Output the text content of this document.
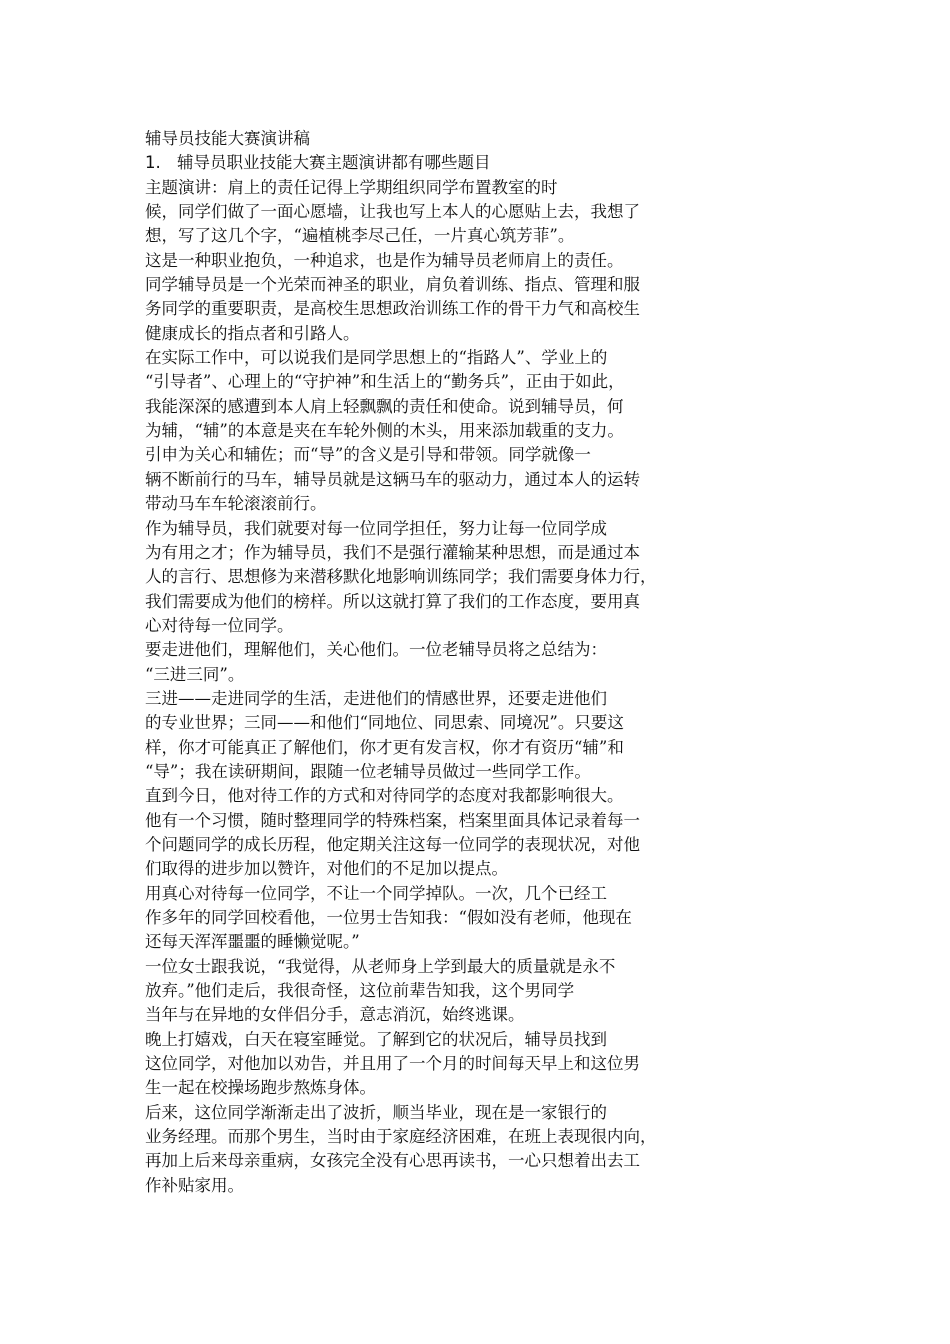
辅导员技能大赛演讲稿
1. 辅导员职业技能大赛主题演讲都有哪些题目
主题演讲：肩上的责任记得上学期组织同学布置教室的时
候，同学们做了一面心愿墙，让我也写上本人的心愿贴上去，我想了
想，写了这几个字，“遍植桃李尽己任，一片真心筑芳菲”。
这是一种职业抱负，一种追求，也是作为辅导员老师肩上的责任。
同学辅导员是一个光荣而神圣的职业，肩负着训练、指点、管理和服
务同学的重要职责，是高校生思想政治训练工作的骨干力气和高校生
健康成长的指点者和引路人。
在实际工作中，可以说我们是同学思想上的“指路人”、学业上的
“引导者”、心理上的“守护神”和生活上的“勤务兵”，正由于如此，
我能深深的感遭到本人肩上轻飘飘的责任和使命。说到辅导员，何
为辅，“辅”的本意是夹在车轮外侧的木头，用来添加载重的支力。
引申为关心和辅佐；而“导”的含义是引导和带领。同学就像一
辆不断前行的马车，辅导员就是这辆马车的驱动力，通过本人的运转
带动马车车轮滚滚前行。
作为辅导员，我们就要对每一位同学担任，努力让每一位同学成
为有用之才；作为辅导员，我们不是强行灌输某种思想，而是通过本
人的言行、思想修为来潜移默化地影响训练同学；我们需要身体力行，
我们需要成为他们的榜样。所以这就打算了我们的工作态度，要用真
心对待每一位同学。
要走进他们，理解他们，关心他们。一位老辅导员将之总结为：
“三进三同”。
三进——走进同学的生活，走进他们的情感世界，还要走进他们
的专业世界；三同——和他们“同地位、同思索、同境况”。只要这
样，你才可能真正了解他们，你才更有发言权，你才有资历“辅”和
“导”；我在读研期间，跟随一位老辅导员做过一些同学工作。
直到今日，他对待工作的方式和对待同学的态度对我都影响很大。
他有一个习惯，随时整理同学的特殊档案，档案里面具体记录着每一
个问题同学的成长历程，他定期关注这每一位同学的表现状况，对他
们取得的进步加以赞许，对他们的不足加以提点。
用真心对待每一位同学，不让一个同学掉队。一次，几个已经工
作多年的同学回校看他，一位男士告知我：“假如没有老师，他现在
还每天浑浑噩噩的睡懒觉呢。”
一位女士跟我说，“我觉得，从老师身上学到最大的质量就是永不
放弃。”他们走后，我很奇怪，这位前辈告知我，这个男同学
当年与在异地的女伴侣分手，意志消沉，始终逃课。
晚上打嬉戏，白天在寝室睡觉。了解到它的状况后，辅导员找到
这位同学，对他加以劝告，并且用了一个月的时间每天早上和这位男
生一起在校操场跑步熬炼身体。
后来，这位同学渐渐走出了波折，顺当毕业，现在是一家银行的
业务经理。而那个男生，当时由于家庭经济困难，在班上表现很内向，
再加上后来母亲重病，女孩完全没有心思再读书，一心只想着出去工
作补贴家用。
